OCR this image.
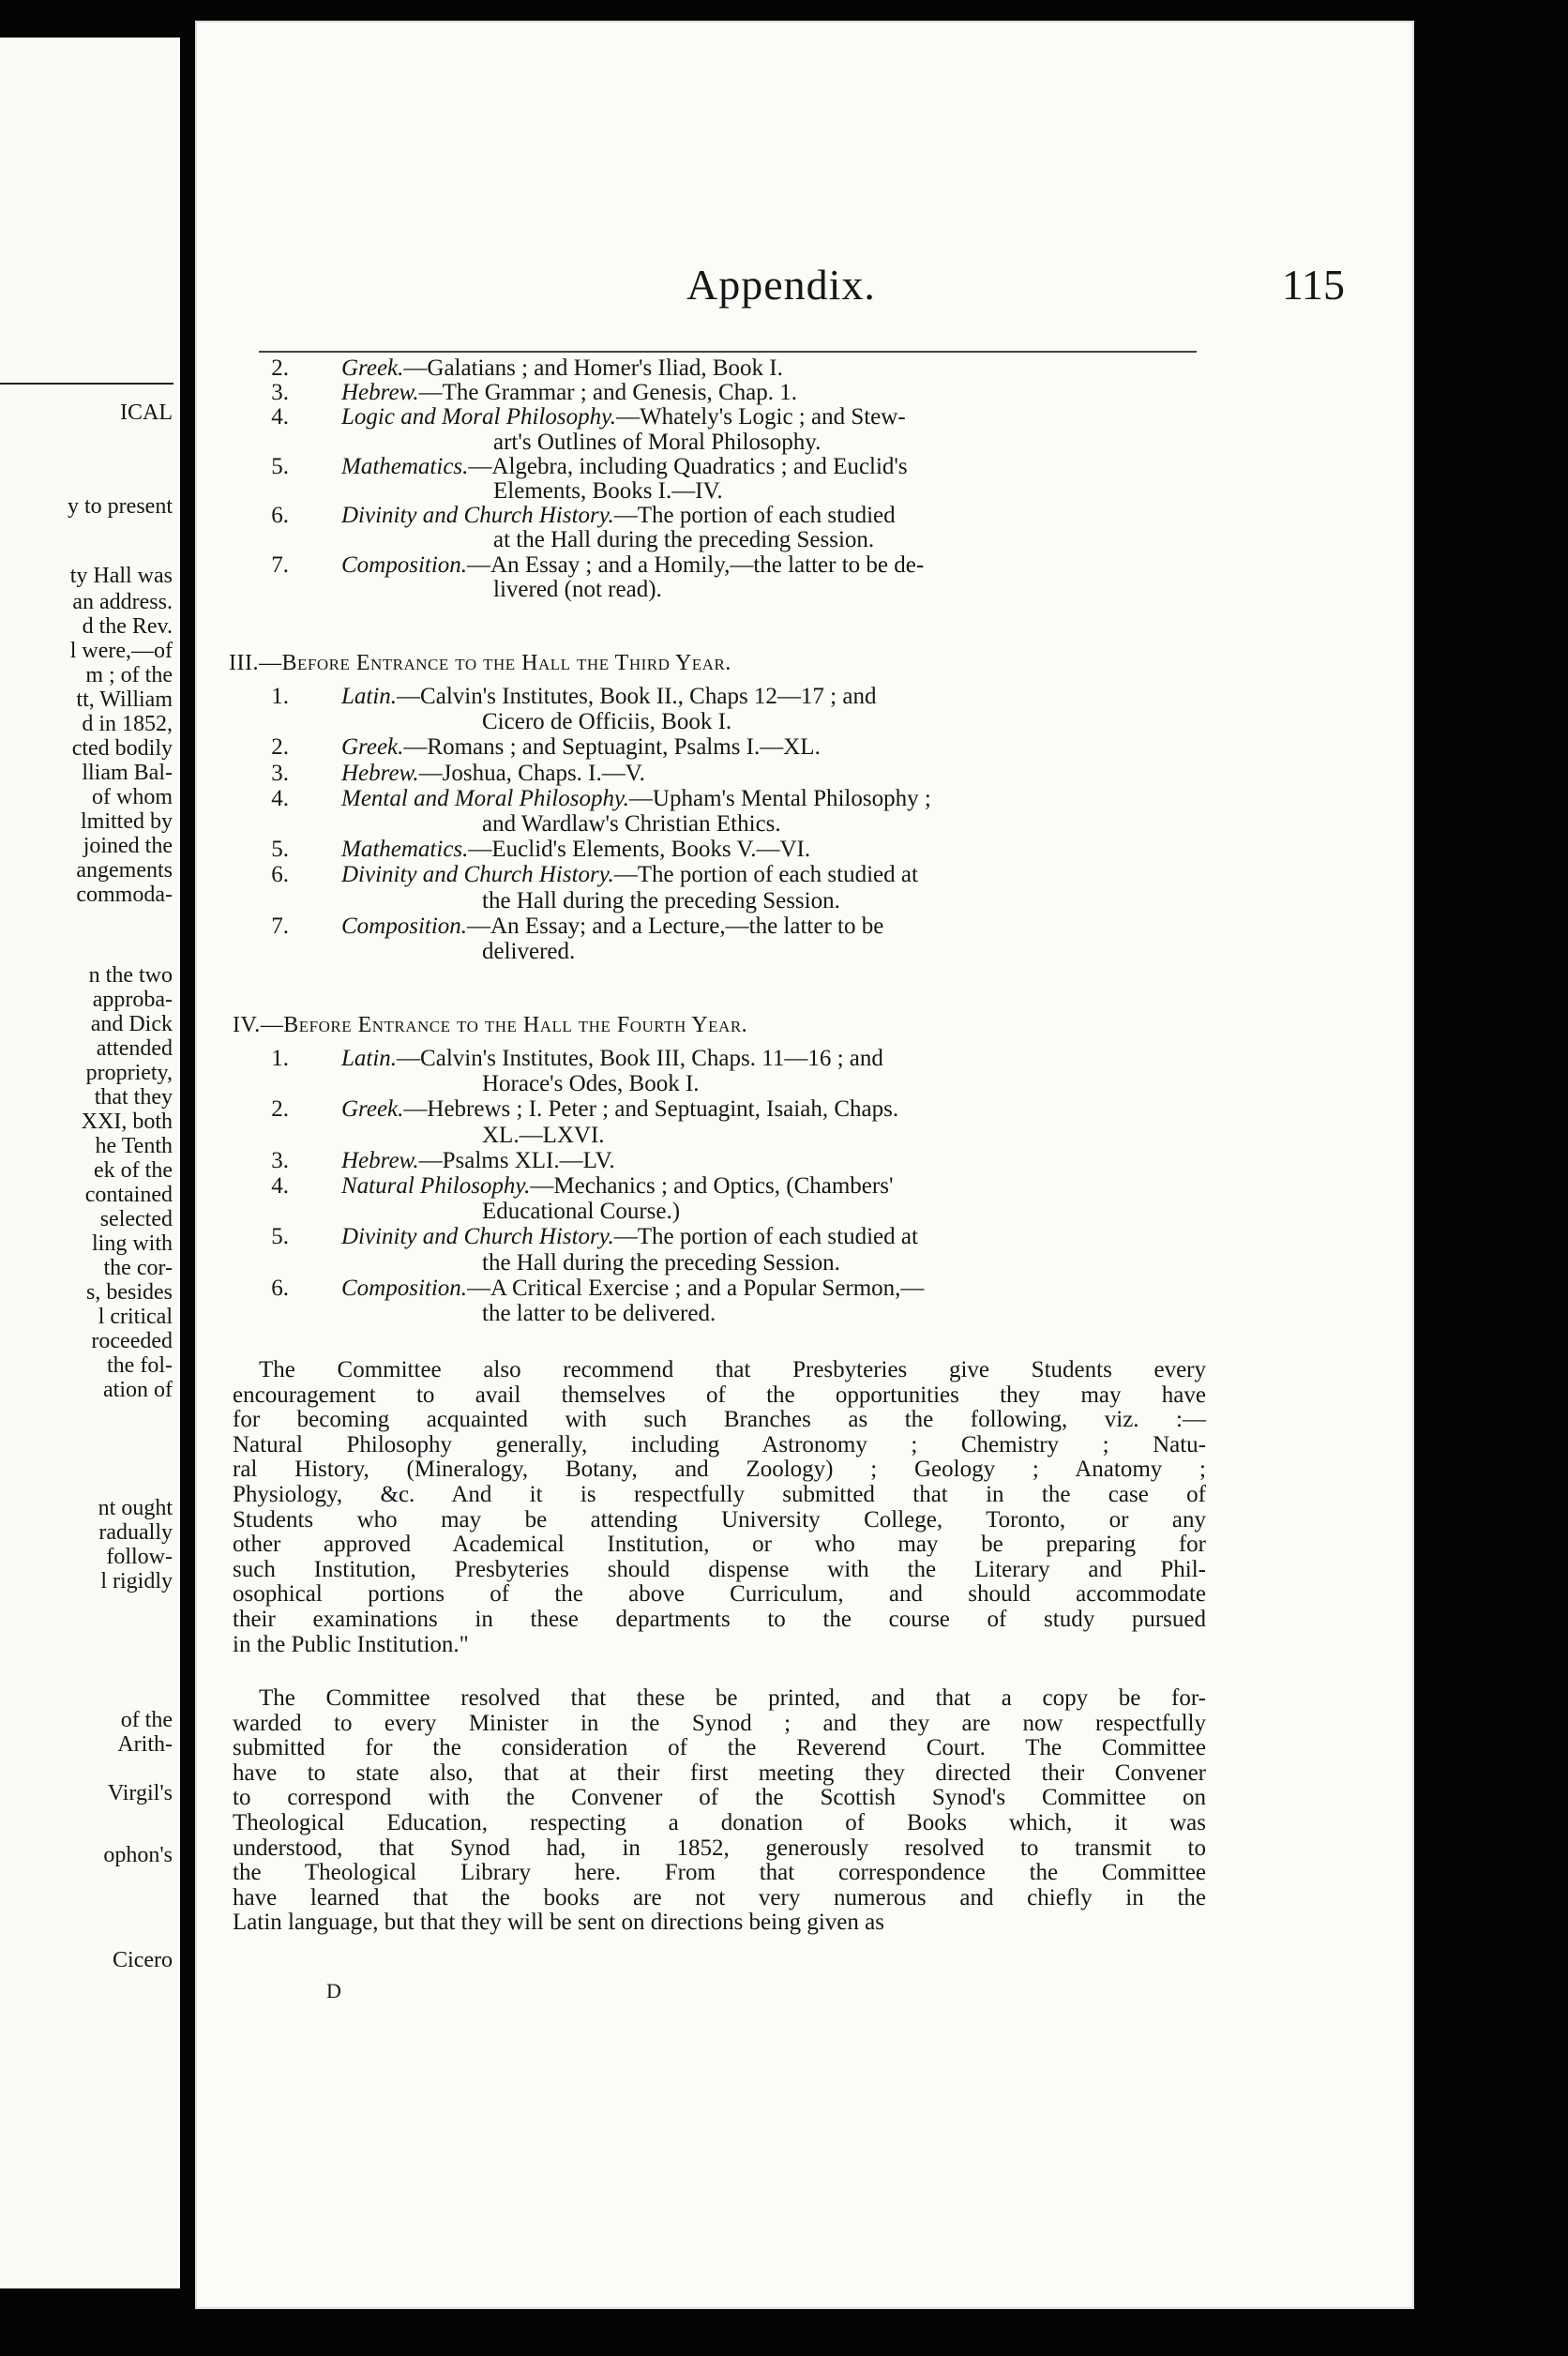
ICAL
y to present
ty Hall was
an address.
d the Rev.
l were,—of
m ; of the
tt, William
d in 1852,
cted bodily
lliam Bal-
of whom
lmitted by
joined the
angements
commoda-
n the two
approba-
and Dick
attended
propriety,
that they
XXI, both
he Tenth
ek of the
contained
selected
ling with
the cor-
s, besides
l critical
roceeded
the fol-
ation of
nt ought
radually
follow-
l rigidly
of the
Arith-
Virgil's
ophon's
Cicero
Appendix.	115
2. Greek.—Galatians ; and Homer's Iliad, Book I.
3. Hebrew.—The Grammar ; and Genesis, Chap. 1.
4. Logic and Moral Philosophy.—Whately's Logic ; and Stew-
art's Outlines of Moral Philosophy.
5. Mathematics.—Algebra, including Quadratics ; and Euclid's
Elements, Books I.—IV.
6. Divinity and Church History.—The portion of each studied
at the Hall during the preceding Session.
7. Composition.—An Essay ; and a Homily,—the latter to be de-
livered (not read).
III.—Before Entrance to the Hall the Third Year.
1. Latin.—Calvin's Institutes, Book II., Chaps 12—17 ; and
Cicero de Officiis, Book I.
2. Greek.—Romans ; and Septuagint, Psalms I.—XL.
3. Hebrew.—Joshua, Chaps. I.—V.
4. Mental and Moral Philosophy.—Upham's Mental Philosophy ;
and Wardlaw's Christian Ethics.
5. Mathematics.—Euclid's Elements, Books V.—VI.
6. Divinity and Church History.—The portion of each studied at
the Hall during the preceding Session.
7. Composition.—An Essay; and a Lecture,—the latter to be
delivered.
IV.—Before Entrance to the Hall the Fourth Year.
1. Latin.—Calvin's Institutes, Book III, Chaps. 11—16 ; and
Horace's Odes, Book I.
2. Greek.—Hebrews ; I. Peter ; and Septuagint, Isaiah, Chaps.
XL.—LXVI.
3. Hebrew.—Psalms XLI.—LV.
4. Natural Philosophy.—Mechanics ; and Optics, (Chambers'
Educational Course.)
5. Divinity and Church History.—The portion of each studied at
the Hall during the preceding Session.
6. Composition.—A Critical Exercise ; and a Popular Sermon,—
the latter to be delivered.
The Committee also recommend that Presbyteries give Students every
encouragement to avail themselves of the opportunities they may have
for becoming acquainted with such Branches as the following, viz. :—
Natural Philosophy generally, including Astronomy ; Chemistry ; Natu-
ral History, (Mineralogy, Botany, and Zoology) ; Geology ; Anatomy ;
Physiology, &c. And it is respectfully submitted that in the case of
Students who may be attending University College, Toronto, or any
other approved Academical Institution, or who may be preparing for
such Institution, Presbyteries should dispense with the Literary and Phil-
osophical portions of the above Curriculum, and should accommodate
their examinations in these departments to the course of study pursued
in the Public Institution."
The Committee resolved that these be printed, and that a copy be for-
warded to every Minister in the Synod ; and they are now respectfully
submitted for the consideration of the Reverend Court. The Committee
have to state also, that at their first meeting they directed their Convener
to correspond with the Convener of the Scottish Synod's Committee on
Theological Education, respecting a donation of Books which, it was
understood, that Synod had, in 1852, generously resolved to transmit to
the Theological Library here. From that correspondence the Committee
have learned that the books are not very numerous and chiefly in the
Latin language, but that they will be sent on directions being given as
D
